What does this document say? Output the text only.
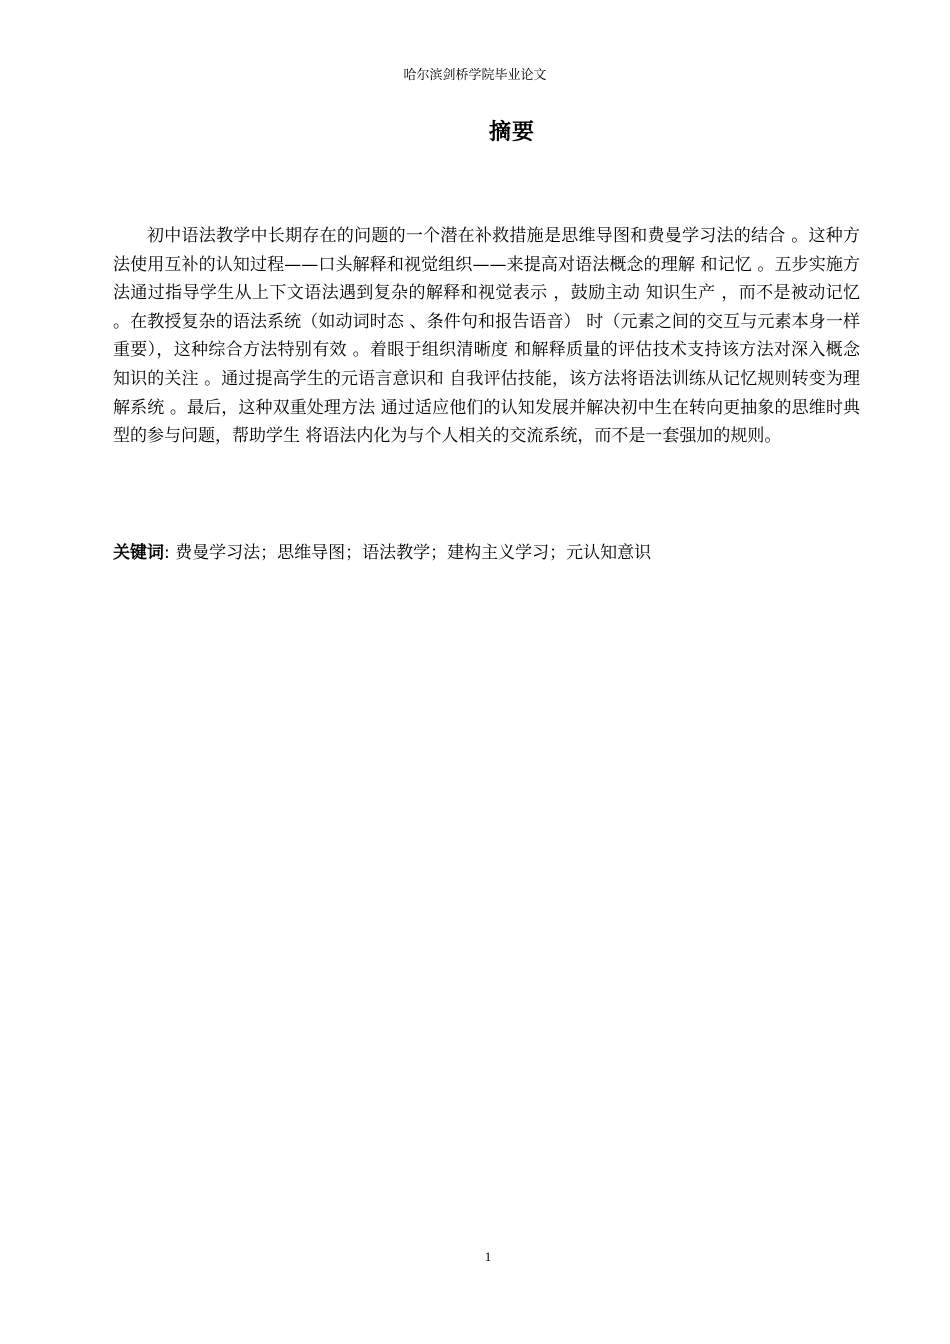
哈尔滨剑桥学院毕业论文
摘要

初中语法教学中长期存在的问题的一个潜在补救措施是思维导图和费曼学习法的结合 。这种方法使用互补的认知过程——口头解释和视觉组织——来提高对语法概念的理解 和记忆 。五步实施方法通过指导学生从上下文语法遇到复杂的解释和视觉表示 ，鼓励主动 知识生产 ，而不是被动记忆 。在教授复杂的语法系统（如动词时态 、条件句和报告语音） 时（元素之间的交互与元素本身一样重要），这种综合方法特别有效 。着眼于组织清晰度 和解释质量的评估技术支持该方法对深入概念知识的关注 。通过提高学生的元语言意识和 自我评估技能，该方法将语法训练从记忆规则转变为理解系统 。最后，这种双重处理方法 通过适应他们的认知发展并解决初中生在转向更抽象的思维时典型的参与问题，帮助学生 将语法内化为与个人相关的交流系统，而不是一套强加的规则。

关键词: 费曼学习法；思维导图；语法教学；建构主义学习；元认知意识
1
